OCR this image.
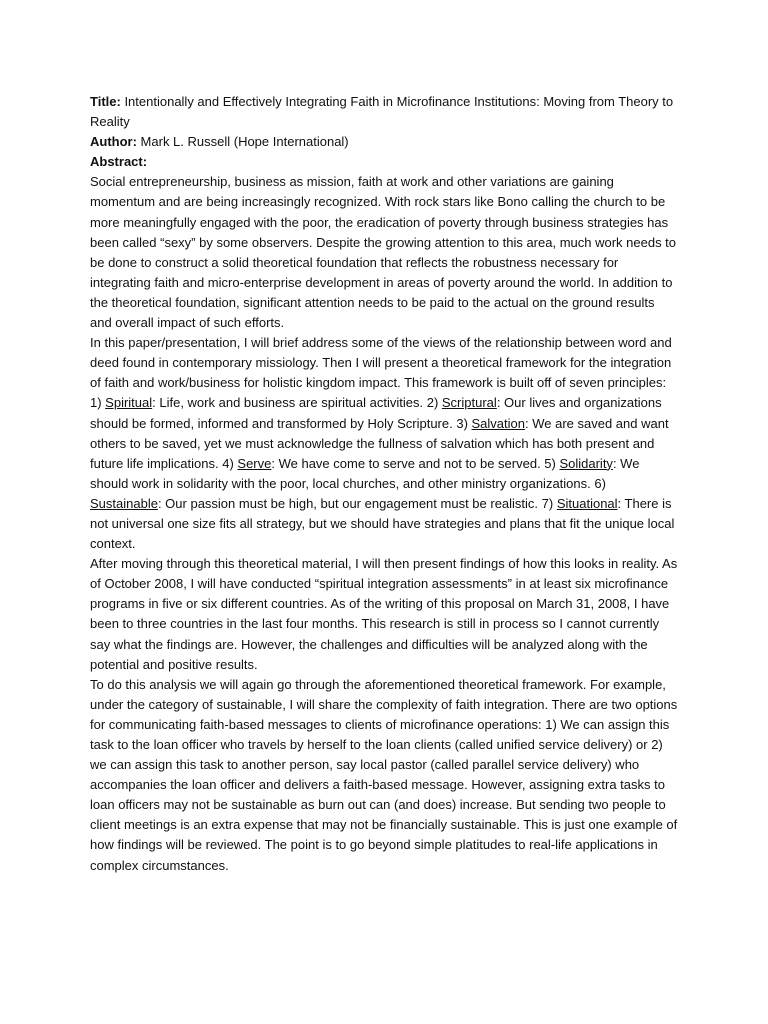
Title: Intentionally and Effectively Integrating Faith in Microfinance Institutions: Moving from Theory to Reality

Author: Mark L. Russell (Hope International)

Abstract:

Social entrepreneurship, business as mission, faith at work and other variations are gaining momentum and are being increasingly recognized. With rock stars like Bono calling the church to be more meaningfully engaged with the poor, the eradication of poverty through business strategies has been called “sexy” by some observers. Despite the growing attention to this area, much work needs to be done to construct a solid theoretical foundation that reflects the robustness necessary for integrating faith and micro-enterprise development in areas of poverty around the world. In addition to the theoretical foundation, significant attention needs to be paid to the actual on the ground results and overall impact of such efforts.

In this paper/presentation, I will brief address some of the views of the relationship between word and deed found in contemporary missiology. Then I will present a theoretical framework for the integration of faith and work/business for holistic kingdom impact. This framework is built off of seven principles: 1) Spiritual: Life, work and business are spiritual activities. 2) Scriptural: Our lives and organizations should be formed, informed and transformed by Holy Scripture. 3) Salvation: We are saved and want others to be saved, yet we must acknowledge the fullness of salvation which has both present and future life implications. 4) Serve: We have come to serve and not to be served. 5) Solidarity: We should work in solidarity with the poor, local churches, and other ministry organizations. 6) Sustainable: Our passion must be high, but our engagement must be realistic. 7) Situational: There is not universal one size fits all strategy, but we should have strategies and plans that fit the unique local context.

After moving through this theoretical material, I will then present findings of how this looks in reality. As of October 2008, I will have conducted “spiritual integration assessments” in at least six microfinance programs in five or six different countries. As of the writing of this proposal on March 31, 2008, I have been to three countries in the last four months. This research is still in process so I cannot currently say what the findings are. However, the challenges and difficulties will be analyzed along with the potential and positive results.

To do this analysis we will again go through the aforementioned theoretical framework. For example, under the category of sustainable, I will share the complexity of faith integration. There are two options for communicating faith-based messages to clients of microfinance operations: 1) We can assign this task to the loan officer who travels by herself to the loan clients (called unified service delivery) or 2) we can assign this task to another person, say local pastor (called parallel service delivery) who accompanies the loan officer and delivers a faith-based message. However, assigning extra tasks to loan officers may not be sustainable as burn out can (and does) increase. But sending two people to client meetings is an extra expense that may not be financially sustainable. This is just one example of how findings will be reviewed. The point is to go beyond simple platitudes to real-life applications in complex circumstances.
